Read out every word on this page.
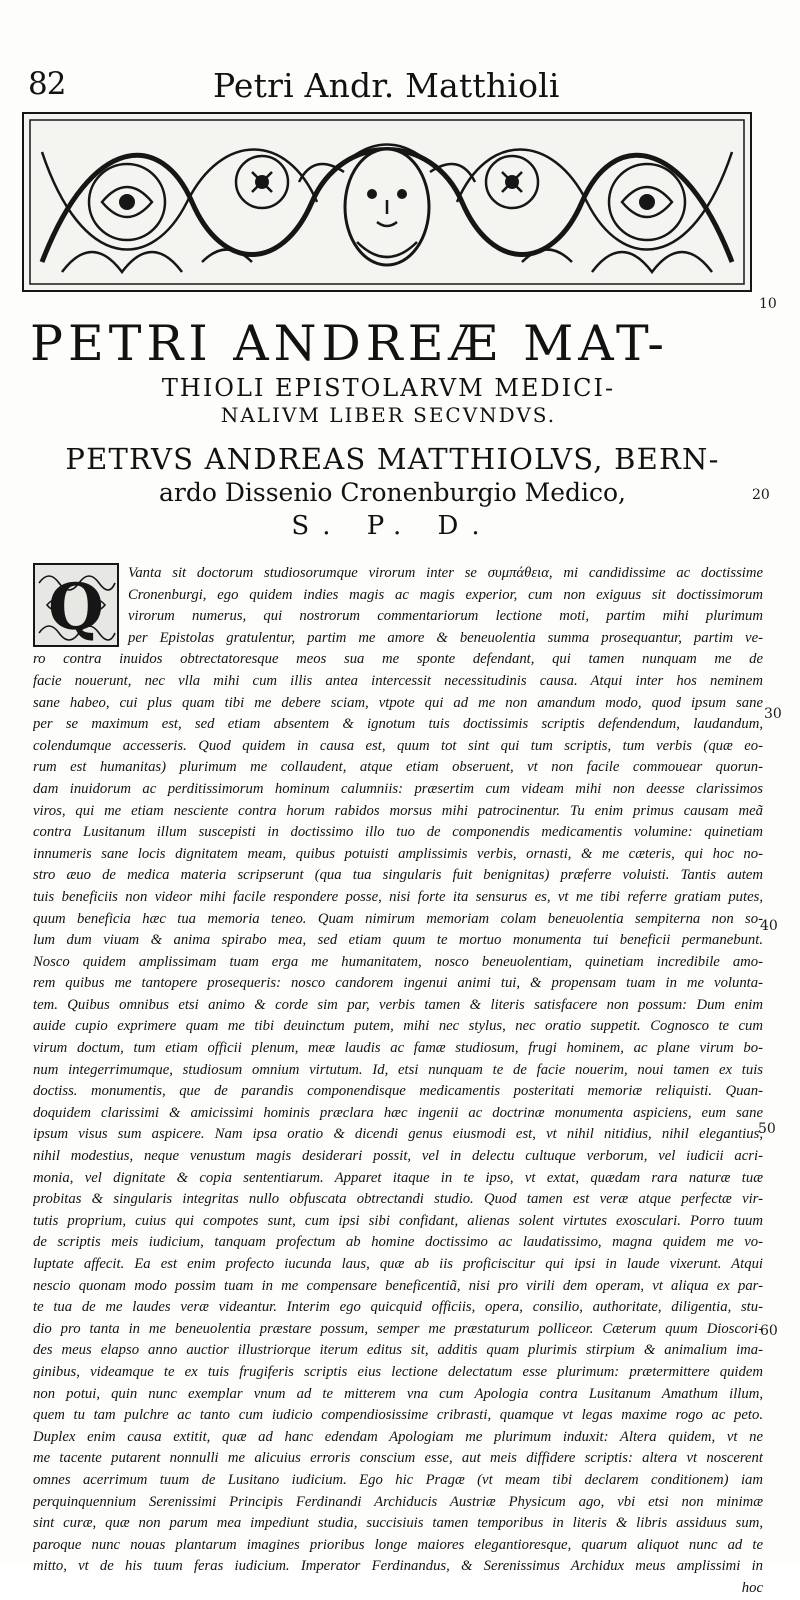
82	Petri Andr. Matthioli
PETRI ANDREÆ MAT-
THIOLI EPISTOLARVM MEDICI-
NALIVM LIBER SECVNDVS.
PETRVS ANDREAS MATTHIOLVS, BERN-
ardo Dissenio Cronenburgio Medico,
S. P. D.
10
20
30
40
50
60
Q	Vanta sit doctorum studiosorumque virorum inter se συμπάθεια, mi candidissime ac doctissime
Cronenburgi, ego quidem indies magis ac magis experior, cum non exiguus sit doctissimorum
virorum numerus, qui nostrorum commentariorum lectione moti, partim mihi plurimum
per Epistolas gratulentur, partim me amore & beneuolentia summa prosequantur, partim ve-
ro contra inuidos obtrectatoresque meos sua me sponte defendant, qui tamen nunquam me de
facie nouerunt, nec vlla mihi cum illis antea intercessit necessitudinis causa. Atqui inter hos neminem
sane habeo, cui plus quam tibi me debere sciam, vtpote qui ad me non amandum modo, quod ipsum sane
per se maximum est, sed etiam absentem & ignotum tuis doctissimis scriptis defendendum, laudandum,
colendumque accesseris. Quod quidem in causa est, quum tot sint qui tum scriptis, tum verbis (quæ eo-
rum est humanitas) plurimum me collaudent, atque etiam obseruent, vt non facile commouear quorun-
dam inuidorum ac perditissimorum hominum calumniis: præsertim cum videam mihi non deesse clarissimos
viros, qui me etiam nesciente contra horum rabidos morsus mihi patrocinentur. Tu enim primus causam meã
contra Lusitanum illum suscepisti in doctissimo illo tuo de componendis medicamentis volumine: quinetiam
innumeris sane locis dignitatem meam, quibus potuisti amplissimis verbis, ornasti, & me cæteris, qui hoc no-
stro æuo de medica materia scripserunt (qua tua singularis fuit benignitas) præferre voluisti. Tantis autem
tuis beneficiis non videor mihi facile respondere posse, nisi forte ita sensurus es, vt me tibi referre gratiam putes,
quum beneficia hæc tua memoria teneo. Quam nimirum memoriam colam beneuolentia sempiterna non so-
lum dum viuam & anima spirabo mea, sed etiam quum te mortuo monumenta tui beneficii permanebunt.
Nosco quidem amplissimam tuam erga me humanitatem, nosco beneuolentiam, quinetiam incredibile amo-
rem quibus me tantopere prosequeris: nosco candorem ingenui animi tui, & propensam tuam in me volunta-
tem. Quibus omnibus etsi animo & corde sim par, verbis tamen & literis satisfacere non possum: Dum enim
auide cupio exprimere quam me tibi deuinctum putem, mihi nec stylus, nec oratio suppetit. Cognosco te cum
virum doctum, tum etiam officii plenum, meæ laudis ac famæ studiosum, frugi hominem, ac plane virum bo-
num integerrimumque, studiosum omnium virtutum. Id, etsi nunquam te de facie nouerim, noui tamen ex tuis
doctiss. monumentis, que de parandis componendisque medicamentis posteritati memoriæ reliquisti. Quan-
doquidem clarissimi & amicissimi hominis præclara hæc ingenii ac doctrinæ monumenta aspiciens, eum sane
ipsum visus sum aspicere. Nam ipsa oratio & dicendi genus eiusmodi est, vt nihil nitidius, nihil elegantius,
nihil modestius, neque venustum magis desiderari possit, vel in delectu cultuque verborum, vel iudicii acri-
monia, vel dignitate & copia sententiarum. Apparet itaque in te ipso, vt extat, quædam rara naturæ tuæ
probitas & singularis integritas nullo obfuscata obtrectandi studio. Quod tamen est veræ atque perfectæ vir-
tutis proprium, cuius qui compotes sunt, cum ipsi sibi confidant, alienas solent virtutes exosculari. Porro tuum
de scriptis meis iudicium, tanquam profectum ab homine doctissimo ac laudatissimo, magna quidem me vo-
luptate affecit. Ea est enim profecto iucunda laus, quæ ab iis proficiscitur qui ipsi in laude vixerunt. Atqui
nescio quonam modo possim tuam in me compensare beneficentiã, nisi pro virili dem operam, vt aliqua ex par-
te tua de me laudes veræ videantur. Interim ego quicquid officiis, opera, consilio, authoritate, diligentia, stu-
dio pro tanta in me beneuolentia præstare possum, semper me præstaturum polliceor. Cæterum quum Dioscori-
des meus elapso anno auctior illustriorque iterum editus sit, additis quam plurimis stirpium & animalium ima-
ginibus, videamque te ex tuis frugiferis scriptis eius lectione delectatum esse plurimum: prætermittere quidem
non potui, quin nunc exemplar vnum ad te mitterem vna cum Apologia contra Lusitanum Amathum illum,
quem tu tam pulchre ac tanto cum iudicio compendiosissime cribrasti, quamque vt legas maxime rogo ac peto.
Duplex enim causa extitit, quæ ad hanc edendam Apologiam me plurimum induxit: Altera quidem, vt ne
me tacente putarent nonnulli me alicuius erroris conscium esse, aut meis diffidere scriptis: altera vt noscerent
omnes acerrimum tuum de Lusitano iudicium. Ego hic Pragæ (vt meam tibi declarem conditionem) iam
perquinquennium Serenissimi Principis Ferdinandi Archiducis Austriæ Physicum ago, vbi etsi non minimæ
sint curæ, quæ non parum mea impediunt studia, succisiuis tamen temporibus in literis & libris assiduus sum,
paroque nunc nouas plantarum imagines prioribus longe maiores elegantioresque, quarum aliquot nunc ad te
mitto, vt de his tuum feras iudicium. Imperator Ferdinandus, & Serenissimus Archidux meus amplissimi in
hoc
